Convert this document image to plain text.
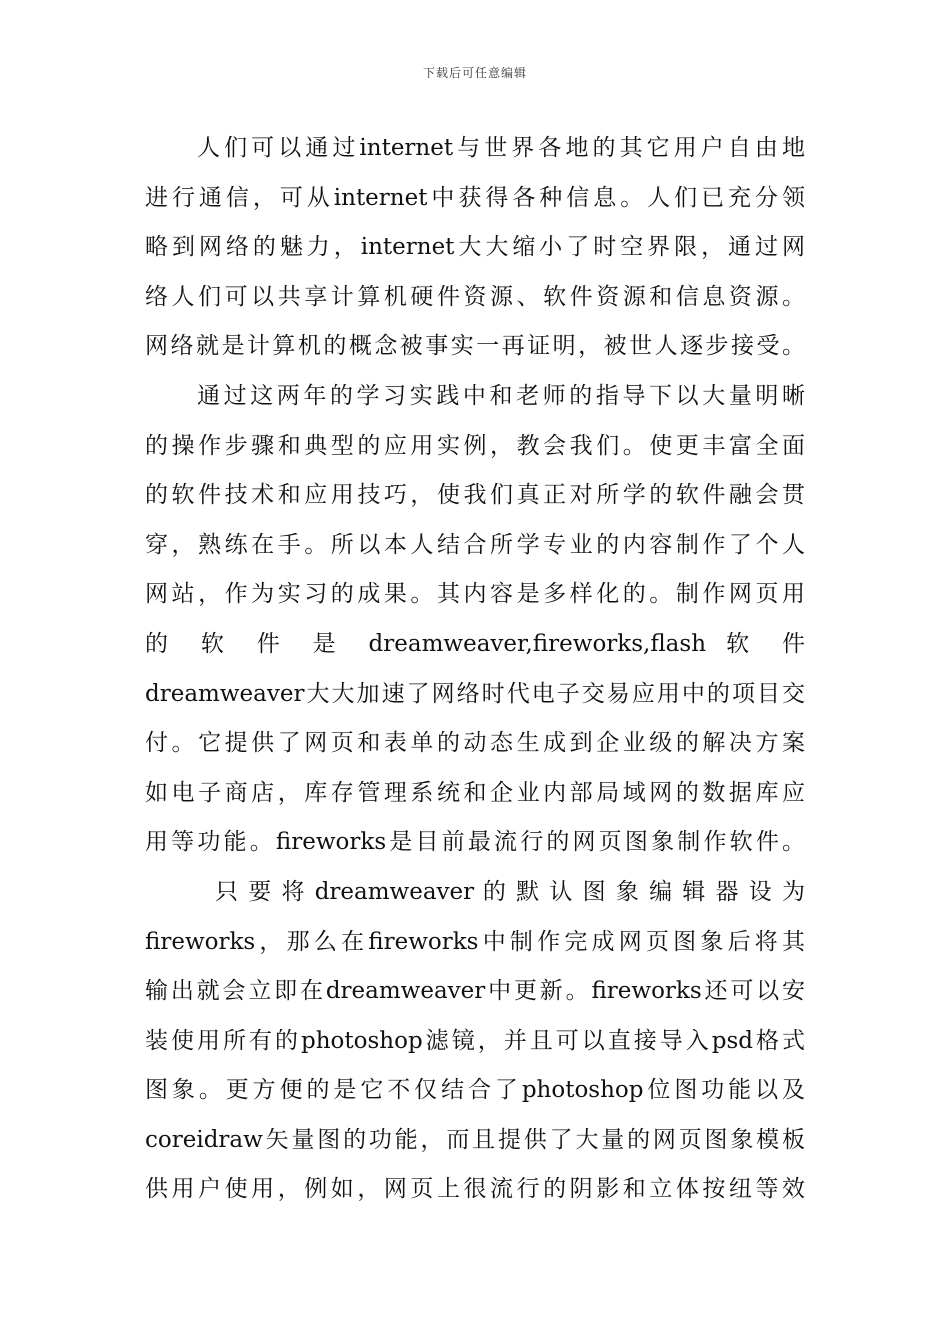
下载后可任意编辑
人们可以通过internet与世界各地的其它用户自由地
进行通信，可从internet中获得各种信息。人们已充分领
略到网络的魅力，internet大大缩小了时空界限，通过网
络人们可以共享计算机硬件资源、软件资源和信息资源。
网络就是计算机的概念被事实一再证明，被世人逐步接受。
通过这两年的学习实践中和老师的指导下以大量明晰
的操作步骤和典型的应用实例，教会我们。使更丰富全面
的软件技术和应用技巧，使我们真正对所学的软件融会贯
穿，熟练在手。所以本人结合所学专业的内容制作了个人
网站，作为实习的成果。其内容是多样化的。制作网页用
的 软 件 是 dreamweaver,fireworks,flash 软 件
dreamweaver大大加速了网络时代电子交易应用中的项目交
付。它提供了网页和表单的动态生成到企业级的解决方案
如电子商店，库存管理系统和企业内部局域网的数据库应
用等功能。fireworks是目前最流行的网页图象制作软件。
只 要 将 dreamweaver 的 默 认 图 象 编 辑 器 设 为
fireworks，那么在fireworks中制作完成网页图象后将其
输出就会立即在dreamweaver中更新。fireworks还可以安
装使用所有的photoshop滤镜，并且可以直接导入psd格式
图象。更方便的是它不仅结合了photoshop位图功能以及
coreidraw矢量图的功能，而且提供了大量的网页图象模板
供用户使用，例如，网页上很流行的阴影和立体按纽等效
